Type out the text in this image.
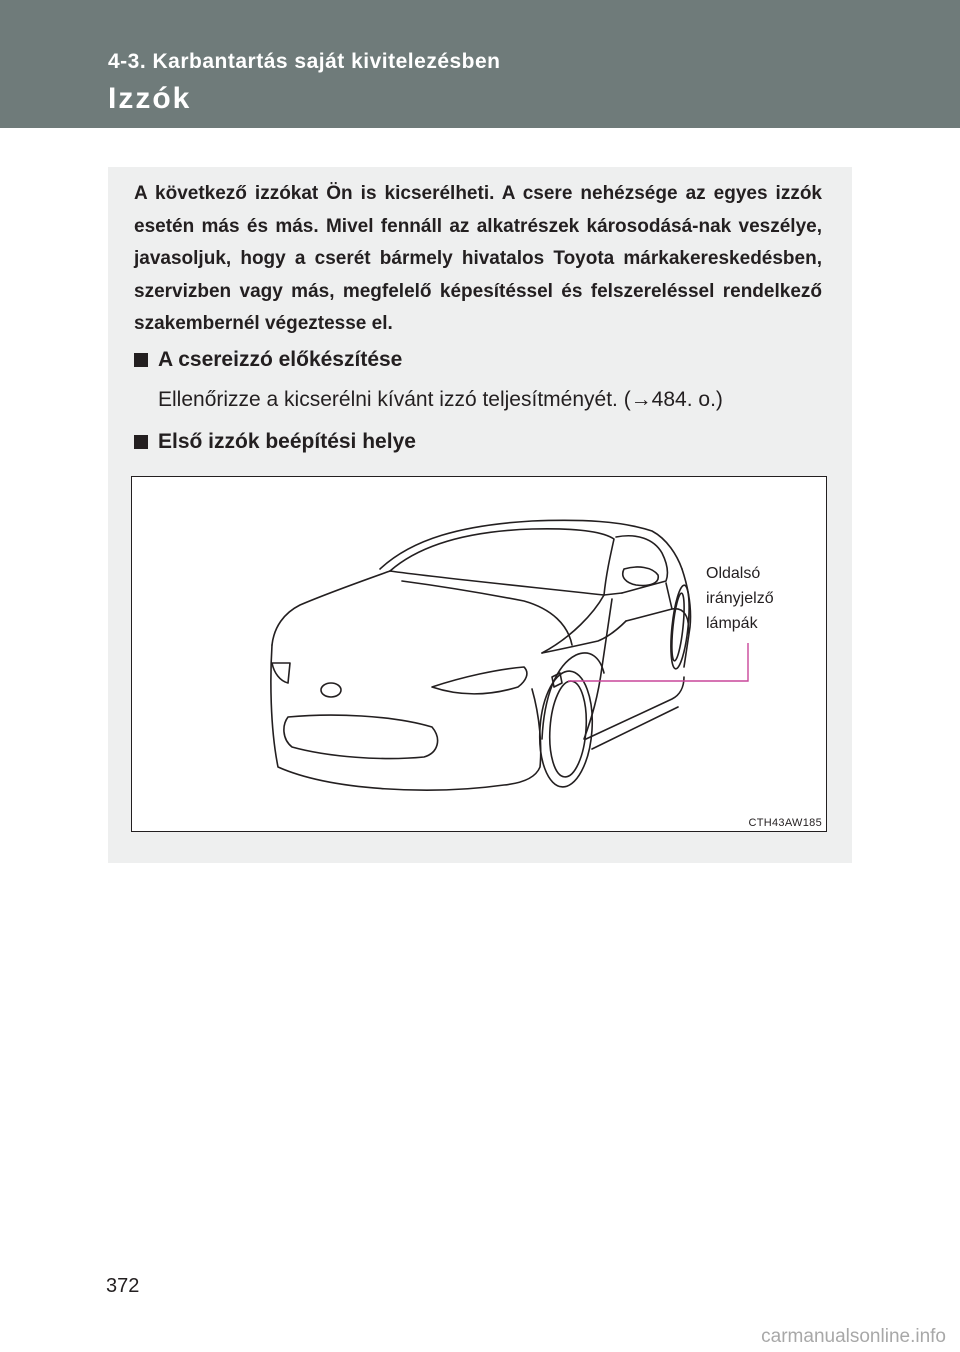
4-3. Karbantartás saját kivitelezésben
Izzók
A következő izzókat Ön is kicserélheti. A csere nehézsége az egyes izzók esetén más és más. Mivel fennáll az alkatrészek károsodásá-nak veszélye, javasoljuk, hogy a cserét bármely hivatalos Toyota márkakereskedésben, szervizben vagy más, megfelelő képesítéssel és felszereléssel rendelkező szakembernél végeztesse el.
A csereizzó előkészítése
Ellenőrizze a kicserélni kívánt izzó teljesítményét. (→484. o.)
Első izzók beépítési helye
Oldalsó
irányjelző
lámpák
CTH43AW185
372
carmanualsonline.info
